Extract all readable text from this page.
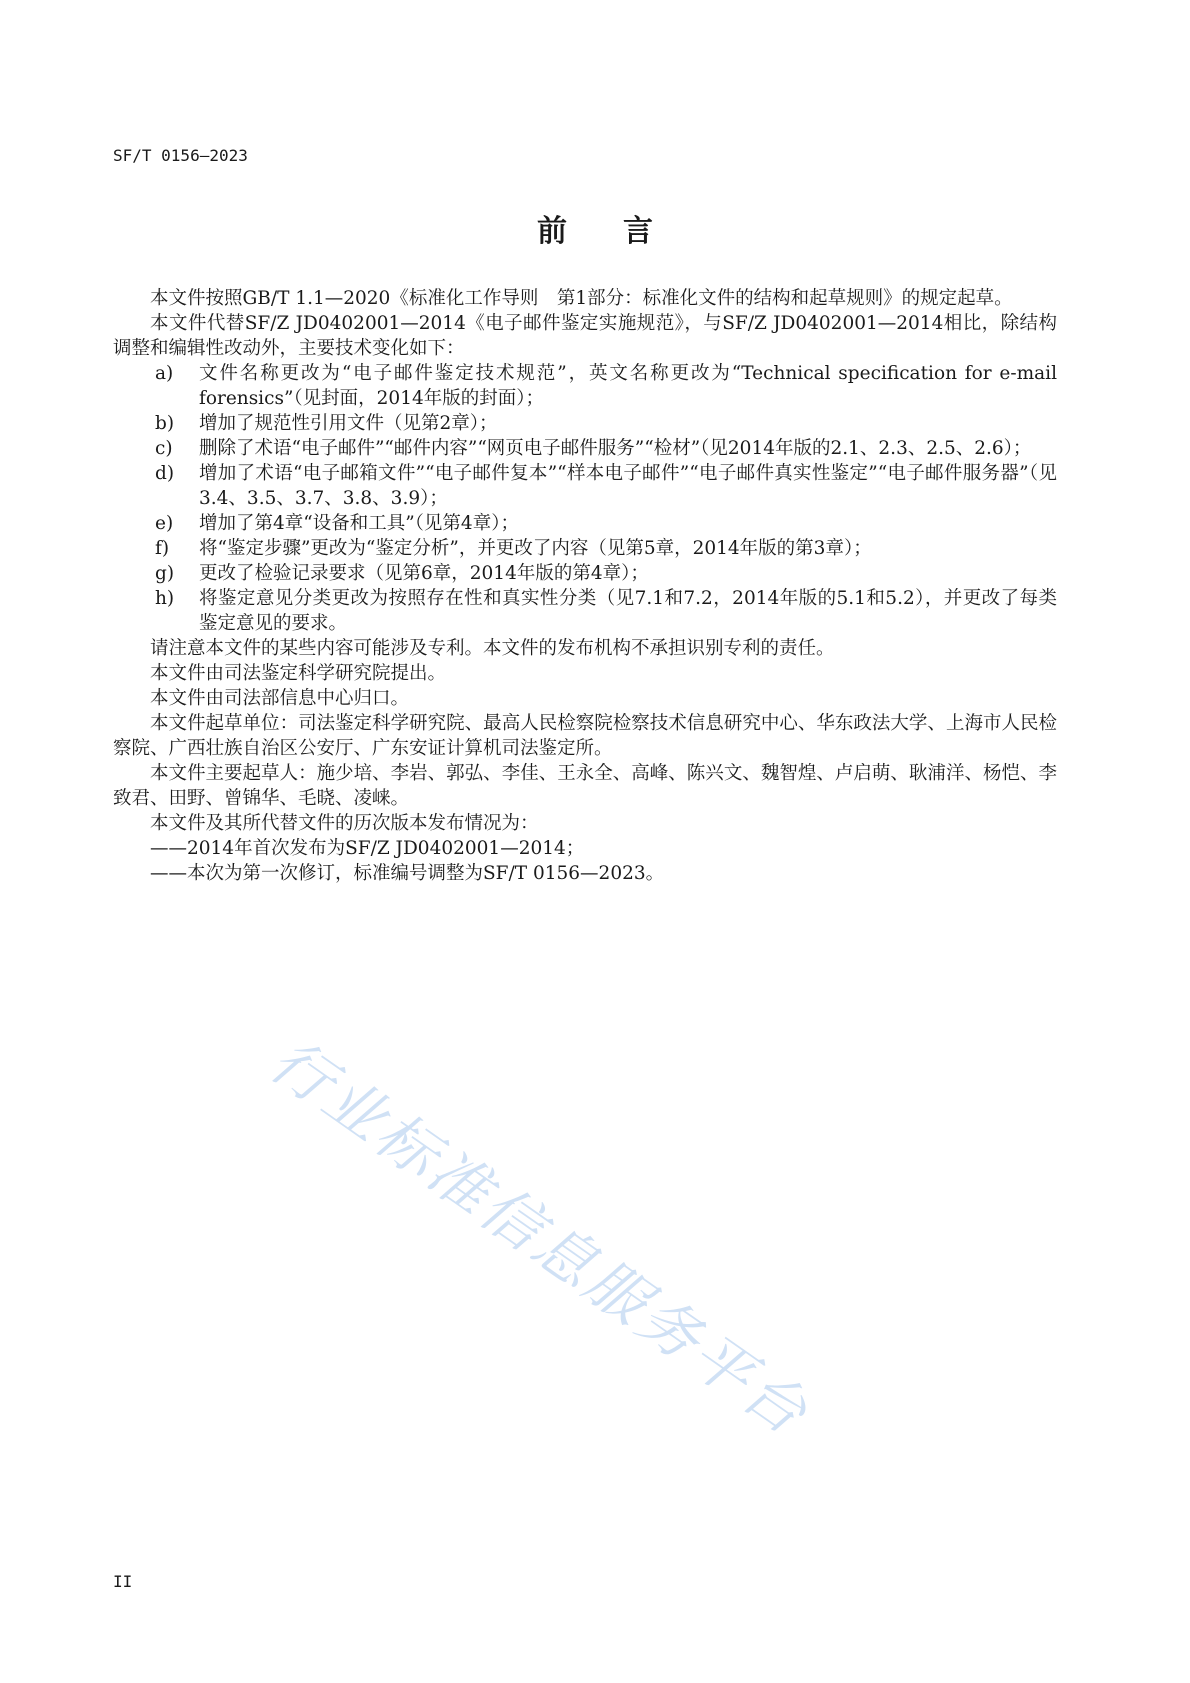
SF/T 0156—2023
前言

本文件按照GB/T 1.1—2020《标准化工作导则　第1部分：标准化文件的结构和起草规则》的规定起草。

本文件代替SF/Z JD0402001—2014《电子邮件鉴定实施规范》，与SF/Z JD0402001—2014相比，除结构调整和编辑性改动外，主要技术变化如下：

a) 文件名称更改为“电子邮件鉴定技术规范”，英文名称更改为“Technical specification for e-mail forensics”（见封面，2014年版的封面）；

b) 增加了规范性引用文件（见第2章）；

c) 删除了术语“电子邮件”“邮件内容”“网页电子邮件服务”“检材”（见2014年版的2.1、2.3、2.5、2.6）；

d) 增加了术语“电子邮箱文件”“电子邮件复本”“样本电子邮件”“电子邮件真实性鉴定”“电子邮件服务器”（见3.4、3.5、3.7、3.8、3.9）；

e) 增加了第4章“设备和工具”（见第4章）；

f) 将“鉴定步骤”更改为“鉴定分析”，并更改了内容（见第5章，2014年版的第3章）；

g) 更改了检验记录要求（见第6章，2014年版的第4章）；

h) 将鉴定意见分类更改为按照存在性和真实性分类（见7.1和7.2，2014年版的5.1和5.2），并更改了每类鉴定意见的要求。

请注意本文件的某些内容可能涉及专利。本文件的发布机构不承担识别专利的责任。

本文件由司法鉴定科学研究院提出。

本文件由司法部信息中心归口。

本文件起草单位：司法鉴定科学研究院、最高人民检察院检察技术信息研究中心、华东政法大学、上海市人民检察院、广西壮族自治区公安厅、广东安证计算机司法鉴定所。

本文件主要起草人：施少培、李岩、郭弘、李佳、王永全、高峰、陈兴文、魏智煌、卢启萌、耿浦洋、杨恺、李致君、田野、曾锦华、毛晓、凌崃。

本文件及其所代替文件的历次版本发布情况为：

——2014年首次发布为SF/Z JD0402001—2014；

——本次为第一次修订，标准编号调整为SF/T 0156—2023。

行业标准信息服务平台
II
